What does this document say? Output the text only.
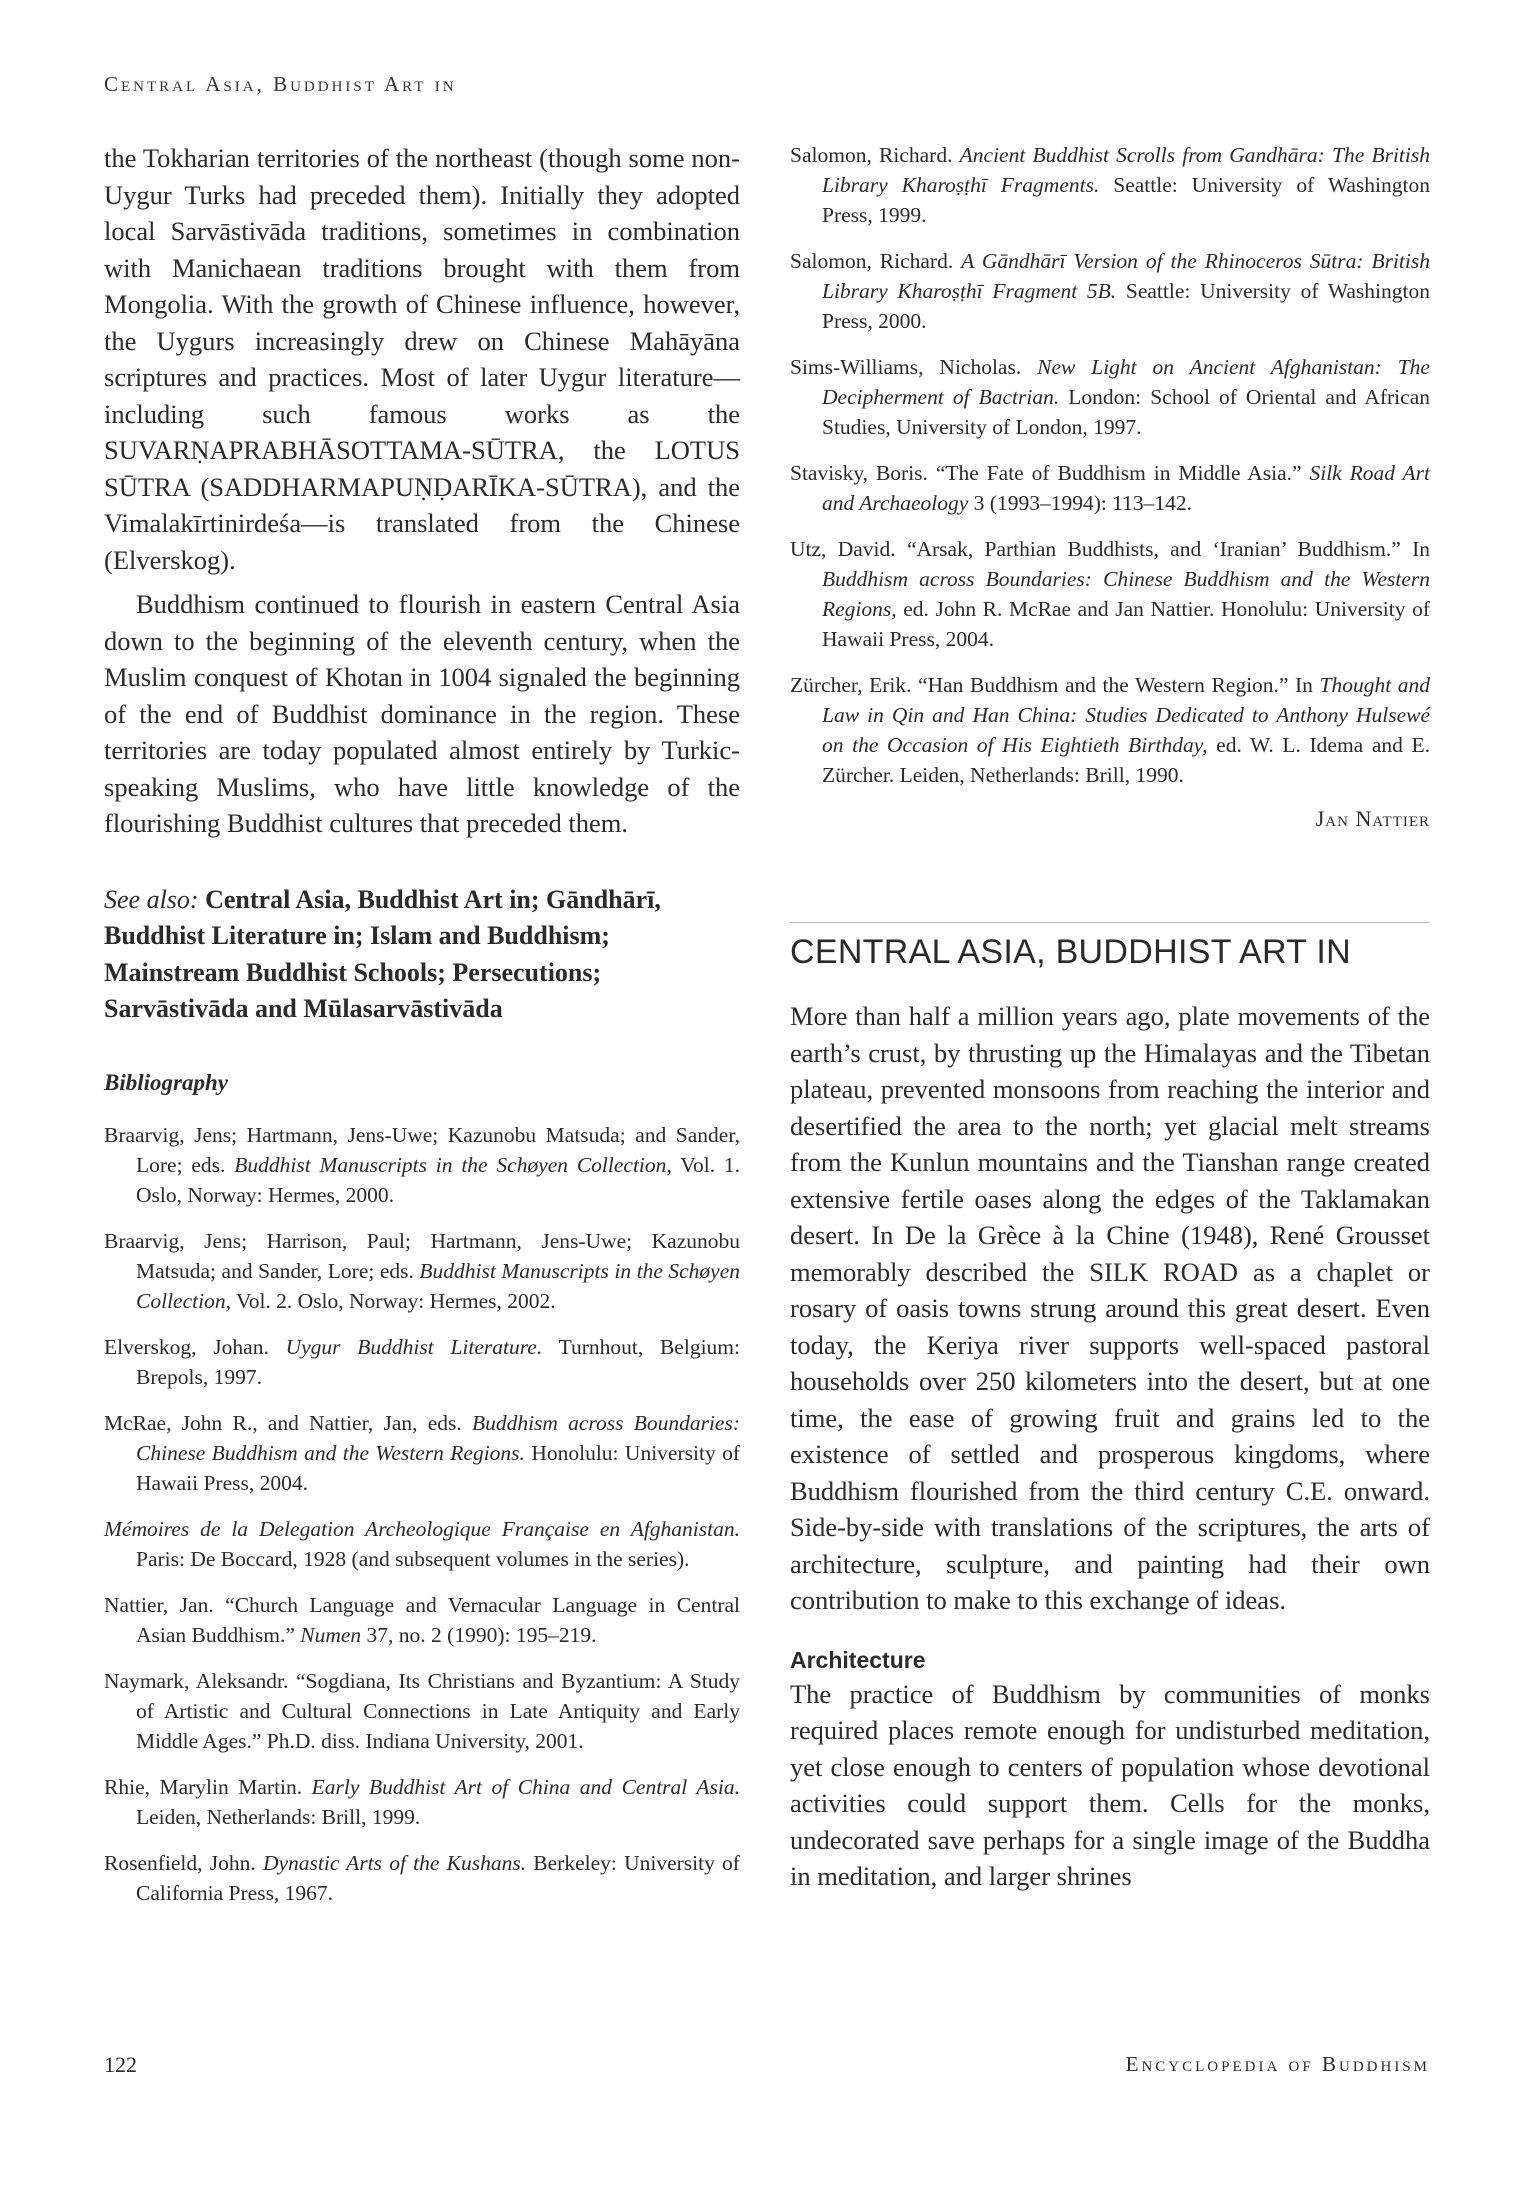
Central Asia, Buddhist Art in

the Tokharian territories of the northeast (though some non-Uygur Turks had preceded them). Initially they adopted local Sarvāstivāda traditions, sometimes in combination with Manichaean traditions brought with them from Mongolia. With the growth of Chinese influence, however, the Uygurs increasingly drew on Chinese Mahāyāna scriptures and practices. Most of later Uygur literature—including such famous works as the SUVARṆAPRABHĀSOTTAMA-SŪTRA, the LOTUS SŪTRA (SADDHARMAPUṆḌARĪKA-SŪTRA), and the Vimalakīrtinirdeśa—is translated from the Chinese (Elverskog).

Buddhism continued to flourish in eastern Central Asia down to the beginning of the eleventh century, when the Muslim conquest of Khotan in 1004 signaled the beginning of the end of Buddhist dominance in the region. These territories are today populated almost entirely by Turkic-speaking Muslims, who have little knowledge of the flourishing Buddhist cultures that preceded them.

See also: Central Asia, Buddhist Art in; Gāndhārī, Buddhist Literature in; Islam and Buddhism; Mainstream Buddhist Schools; Persecutions; Sarvāstivāda and Mūlasarvāstivāda

Bibliography
Braarvig, Jens; Hartmann, Jens-Uwe; Kazunobu Matsuda; and Sander, Lore; eds. Buddhist Manuscripts in the Schøyen Collection, Vol. 1. Oslo, Norway: Hermes, 2000.
Braarvig, Jens; Harrison, Paul; Hartmann, Jens-Uwe; Kazunobu Matsuda; and Sander, Lore; eds. Buddhist Manuscripts in the Schøyen Collection, Vol. 2. Oslo, Norway: Hermes, 2002.
Elverskog, Johan. Uygur Buddhist Literature. Turnhout, Belgium: Brepols, 1997.
McRae, John R., and Nattier, Jan, eds. Buddhism across Boundaries: Chinese Buddhism and the Western Regions. Honolulu: University of Hawaii Press, 2004.
Mémoires de la Delegation Archeologique Française en Afghanistan. Paris: De Boccard, 1928 (and subsequent volumes in the series).
Nattier, Jan. “Church Language and Vernacular Language in Central Asian Buddhism.” Numen 37, no. 2 (1990): 195–219.
Naymark, Aleksandr. “Sogdiana, Its Christians and Byzantium: A Study of Artistic and Cultural Connections in Late Antiquity and Early Middle Ages.” Ph.D. diss. Indiana University, 2001.
Rhie, Marylin Martin. Early Buddhist Art of China and Central Asia. Leiden, Netherlands: Brill, 1999.
Rosenfield, John. Dynastic Arts of the Kushans. Berkeley: University of California Press, 1967.
Salomon, Richard. Ancient Buddhist Scrolls from Gandhāra: The British Library Kharoṣṭhī Fragments. Seattle: University of Washington Press, 1999.
Salomon, Richard. A Gāndhārī Version of the Rhinoceros Sūtra: British Library Kharoṣṭhī Fragment 5B. Seattle: University of Washington Press, 2000.
Sims-Williams, Nicholas. New Light on Ancient Afghanistan: The Decipherment of Bactrian. London: School of Oriental and African Studies, University of London, 1997.
Stavisky, Boris. “The Fate of Buddhism in Middle Asia.” Silk Road Art and Archaeology 3 (1993–1994): 113–142.
Utz, David. “Arsak, Parthian Buddhists, and ‘Iranian’ Buddhism.” In Buddhism across Boundaries: Chinese Buddhism and the Western Regions, ed. John R. McRae and Jan Nattier. Honolulu: University of Hawaii Press, 2004.
Zürcher, Erik. “Han Buddhism and the Western Region.” In Thought and Law in Qin and Han China: Studies Dedicated to Anthony Hulsewé on the Occasion of His Eightieth Birthday, ed. W. L. Idema and E. Zürcher. Leiden, Netherlands: Brill, 1990.
Jan Nattier
CENTRAL ASIA, BUDDHIST ART IN

More than half a million years ago, plate movements of the earth’s crust, by thrusting up the Himalayas and the Tibetan plateau, prevented monsoons from reaching the interior and desertified the area to the north; yet glacial melt streams from the Kunlun mountains and the Tianshan range created extensive fertile oases along the edges of the Taklamakan desert. In De la Grèce à la Chine (1948), René Grousset memorably described the SILK ROAD as a chaplet or rosary of oasis towns strung around this great desert. Even today, the Keriya river supports well-spaced pastoral households over 250 kilometers into the desert, but at one time, the ease of growing fruit and grains led to the existence of settled and prosperous kingdoms, where Buddhism flourished from the third century C.E. onward. Side-by-side with translations of the scriptures, the arts of architecture, sculpture, and painting had their own contribution to make to this exchange of ideas.

Architecture

The practice of Buddhism by communities of monks required places remote enough for undisturbed meditation, yet close enough to centers of population whose devotional activities could support them. Cells for the monks, undecorated save perhaps for a single image of the Buddha in meditation, and larger shrines

122	Encyclopedia of Buddhism
